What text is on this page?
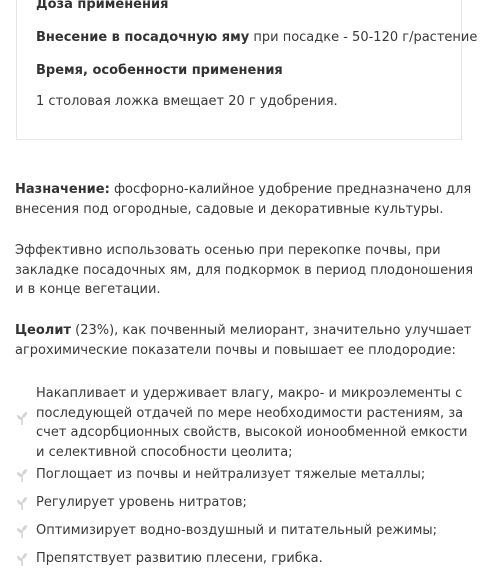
Доза применения
Внесение в посадочную яму при посадке - 50-120 г/растение
Время, особенности применения
1 столовая ложка вмещает 20 г удобрения.

Назначение: фосфорно-калийное удобрение предназначено для внесения под огородные, садовые и декоративные культуры.

Эффективно использовать осенью при перекопке почвы, при закладке посадочных ям, для подкормок в период плодоношения и в конце вегетации.

Цеолит (23%), как почвенный мелиорант, значительно улучшает агрохимические показатели почвы и повышает ее плодородие:

Накапливает и удерживает влагу, макро- и микроэлементы с последующей отдачей по мере необходимости растениям, за счет адсорбционных свойств, высокой ионообменной емкости и селективной способности цеолита;
Поглощает из почвы и нейтрализует тяжелые металлы;
Регулирует уровень нитратов;
Оптимизирует водно-воздушный и питательный режимы;
Препятствует развитию плесени, грибка.
